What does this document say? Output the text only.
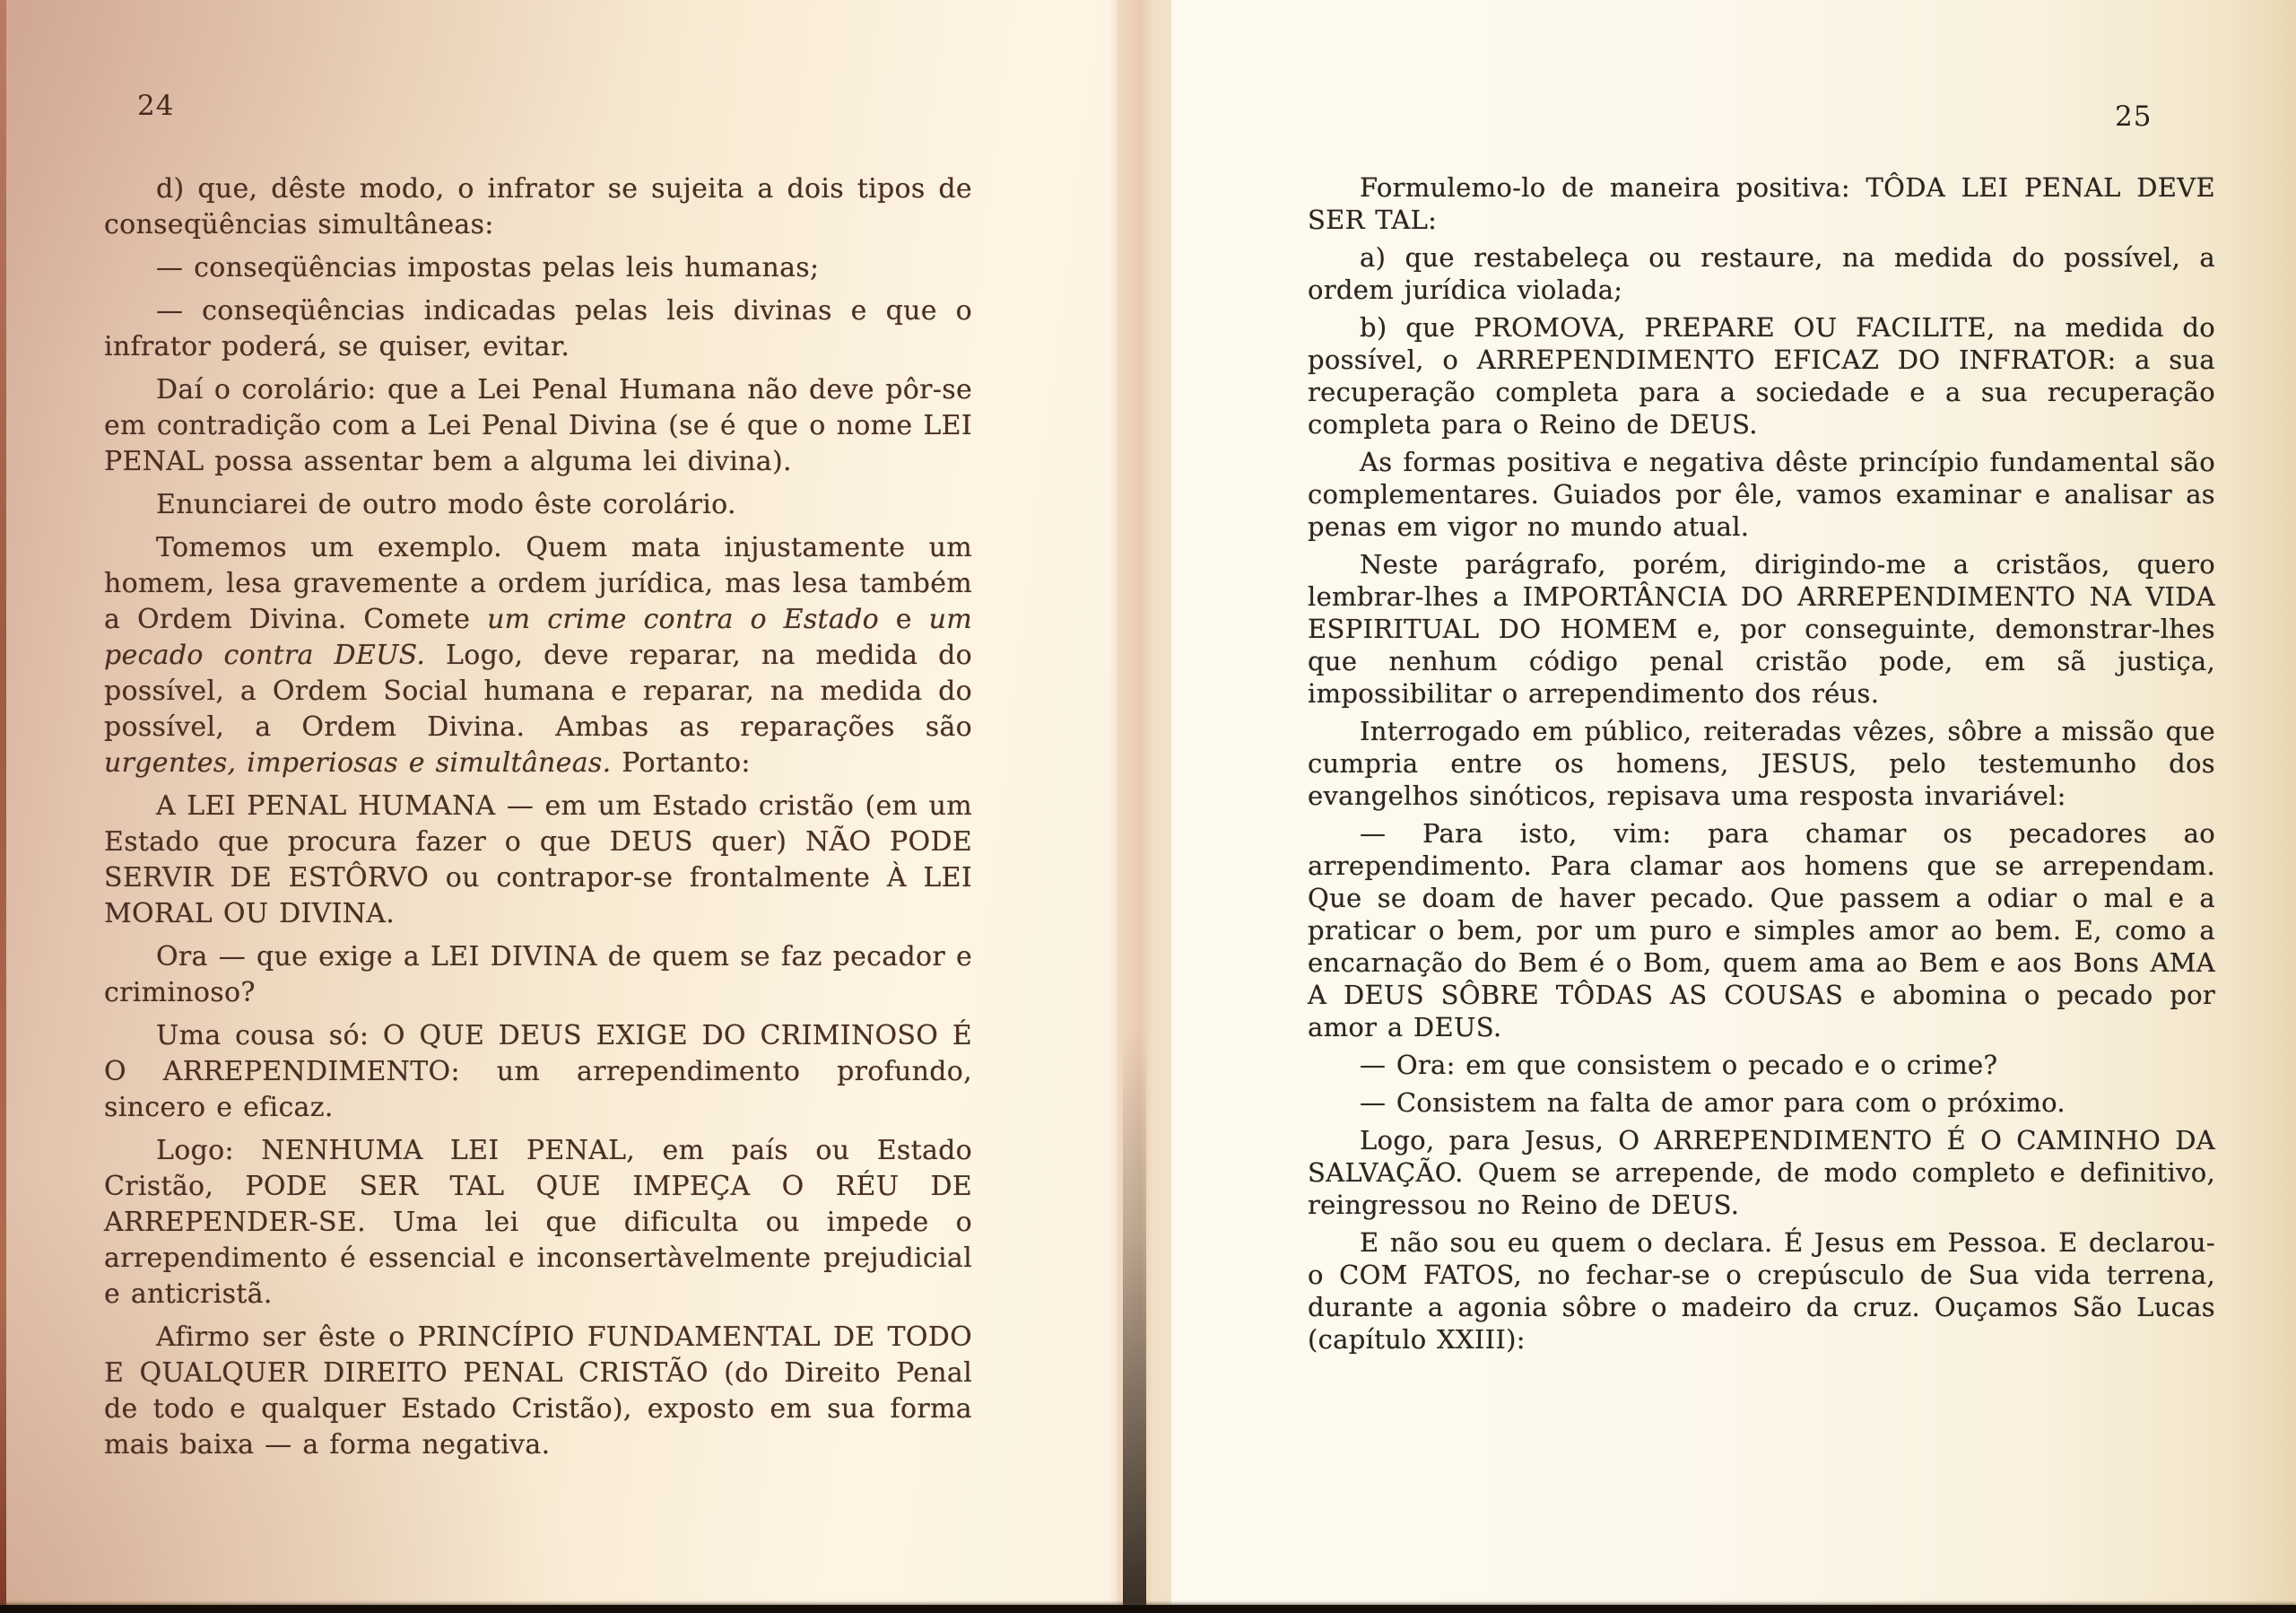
24

d) que, dêste modo, o infrator se sujeita a dois tipos de conseqüências simultâneas:

— conseqüências impostas pelas leis humanas;

— conseqüências indicadas pelas leis divinas e que o infrator poderá, se quiser, evitar.

Daí o corolário: que a Lei Penal Humana não deve pôr-se em contradição com a Lei Penal Divina (se é que o nome LEI PENAL possa assentar bem a alguma lei divina).

Enunciarei de outro modo êste corolário.

Tomemos um exemplo. Quem mata injustamente um homem, lesa gravemente a ordem jurídica, mas lesa também a Ordem Divina. Comete um crime contra o Estado e um pecado contra DEUS. Logo, deve reparar, na medida do possível, a Ordem Social humana e reparar, na medida do possível, a Ordem Divina. Ambas as reparações são urgentes, imperiosas e simultâneas. Portanto:

A LEI PENAL HUMANA — em um Estado cristão (em um Estado que procura fazer o que DEUS quer) NÃO PODE SERVIR DE ESTÔRVO ou contrapor-se frontalmente À LEI MORAL OU DIVINA.

Ora — que exige a LEI DIVINA de quem se faz pecador e criminoso?

Uma cousa só: O QUE DEUS EXIGE DO CRIMINOSO É O ARREPENDIMENTO: um arrependimento profundo, sincero e eficaz.

Logo: NENHUMA LEI PENAL, em país ou Estado Cristão, PODE SER TAL QUE IMPEÇA O RÉU DE ARREPENDER-SE. Uma lei que dificulta ou impede o arrependimento é essencial e inconsertàvelmente prejudicial e anticristã.

Afirmo ser êste o PRINCÍPIO FUNDAMENTAL DE TODO E QUALQUER DIREITO PENAL CRISTÃO (do Direito Penal de todo e qualquer Estado Cristão), exposto em sua forma mais baixa — a forma negativa.

25

Formulemo-lo de maneira positiva: TÔDA LEI PENAL DEVE SER TAL:

a) que restabeleça ou restaure, na medida do possível, a ordem jurídica violada;

b) que PROMOVA, PREPARE OU FACILITE, na medida do possível, o ARREPENDIMENTO EFICAZ DO INFRATOR: a sua recuperação completa para a sociedade e a sua recuperação completa para o Reino de DEUS.

As formas positiva e negativa dêste princípio fundamental são complementares. Guiados por êle, vamos examinar e analisar as penas em vigor no mundo atual.

Neste parágrafo, porém, dirigindo-me a cristãos, quero lembrar-lhes a IMPORTÂNCIA DO ARREPENDIMENTO NA VIDA ESPIRITUAL DO HOMEM e, por conseguinte, demonstrar-lhes que nenhum código penal cristão pode, em sã justiça, impossibilitar o arrependimento dos réus.

Interrogado em público, reiteradas vêzes, sôbre a missão que cumpria entre os homens, JESUS, pelo testemunho dos evangelhos sinóticos, repisava uma resposta invariável:

— Para isto, vim: para chamar os pecadores ao arrependimento. Para clamar aos homens que se arrependam. Que se doam de haver pecado. Que passem a odiar o mal e a praticar o bem, por um puro e simples amor ao bem. E, como a encarnação do Bem é o Bom, quem ama ao Bem e aos Bons AMA A DEUS SÔBRE TÔDAS AS COUSAS e abomina o pecado por amor a DEUS.

— Ora: em que consistem o pecado e o crime?

— Consistem na falta de amor para com o próximo.

Logo, para Jesus, O ARREPENDIMENTO É O CAMINHO DA SALVAÇÃO. Quem se arrepende, de modo completo e definitivo, reingressou no Reino de DEUS.

E não sou eu quem o declara. É Jesus em Pessoa. E declarou-o COM FATOS, no fechar-se o crepúsculo de Sua vida terrena, durante a agonia sôbre o madeiro da cruz. Ouçamos São Lucas (capítulo XXIII):
